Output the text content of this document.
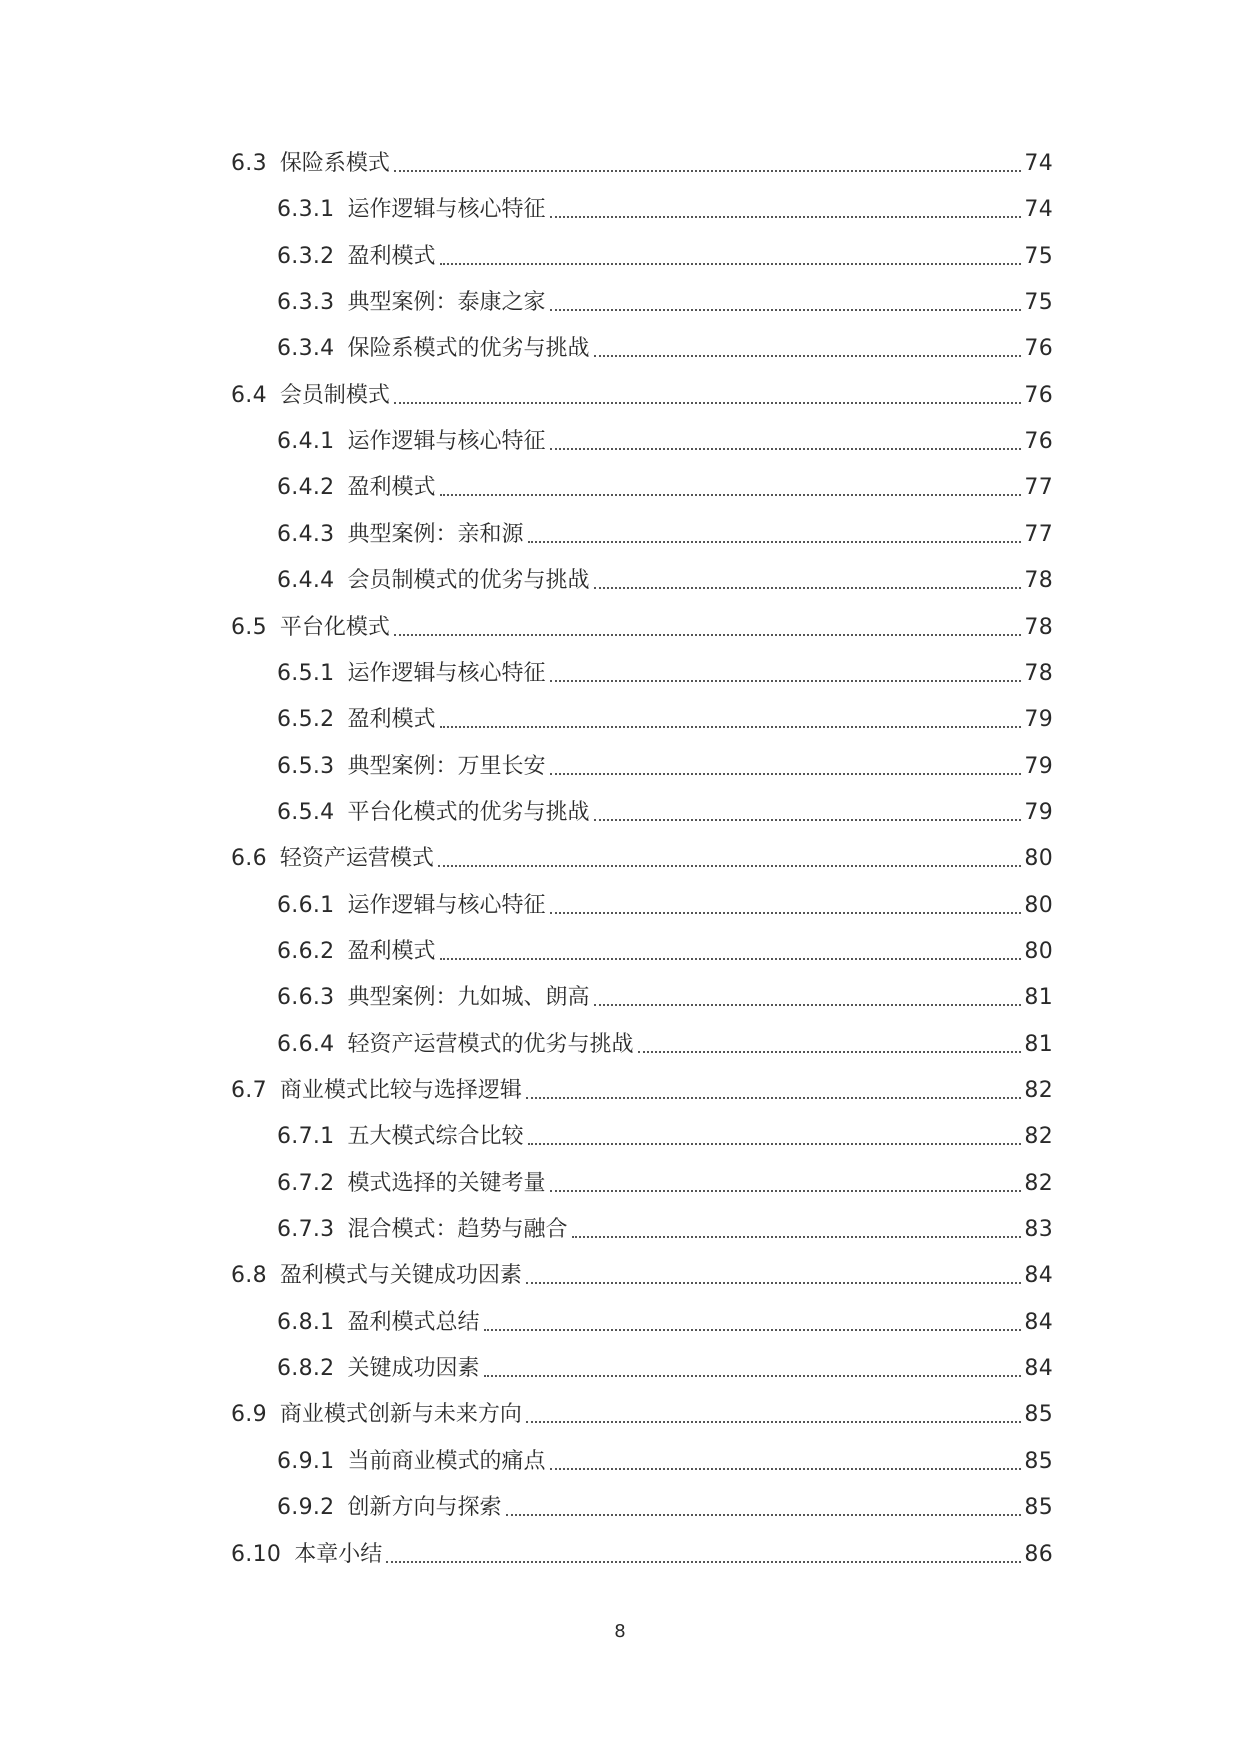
6.3 保险系模式	74
6.3.1 运作逻辑与核心特征	74
6.3.2 盈利模式	75
6.3.3 典型案例：泰康之家	75
6.3.4 保险系模式的优劣与挑战	76
6.4 会员制模式	76
6.4.1 运作逻辑与核心特征	76
6.4.2 盈利模式	77
6.4.3 典型案例：亲和源	77
6.4.4 会员制模式的优劣与挑战	78
6.5 平台化模式	78
6.5.1 运作逻辑与核心特征	78
6.5.2 盈利模式	79
6.5.3 典型案例：万里长安	79
6.5.4 平台化模式的优劣与挑战	79
6.6 轻资产运营模式	80
6.6.1 运作逻辑与核心特征	80
6.6.2 盈利模式	80
6.6.3 典型案例：九如城、朗高	81
6.6.4 轻资产运营模式的优劣与挑战	81
6.7 商业模式比较与选择逻辑	82
6.7.1 五大模式综合比较	82
6.7.2 模式选择的关键考量	82
6.7.3 混合模式：趋势与融合	83
6.8 盈利模式与关键成功因素	84
6.8.1 盈利模式总结	84
6.8.2 关键成功因素	84
6.9 商业模式创新与未来方向	85
6.9.1 当前商业模式的痛点	85
6.9.2 创新方向与探索	85
6.10 本章小结	86
8
